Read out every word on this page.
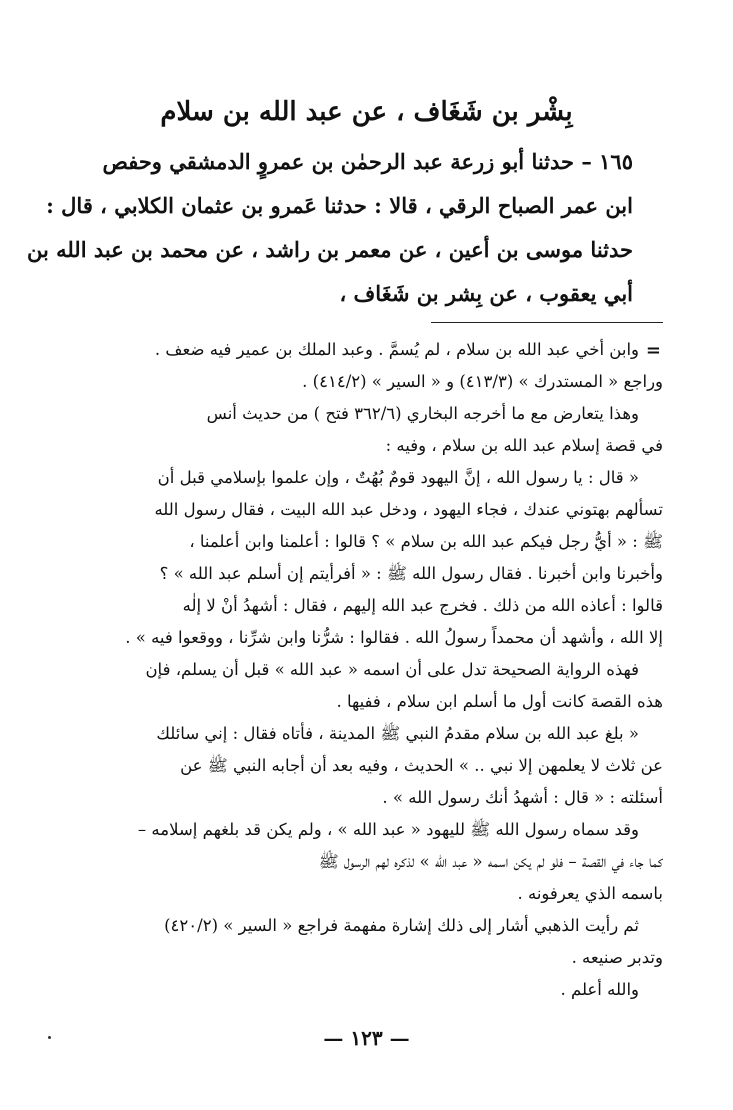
بِشْر بن شَغَاف ، عن عبد الله بن سلام
١٦٥ – حدثنا أبو زرعة عبد الرحمٰن بن عمروٍ الدمشقي وحفص
ابن عمر الصباح الرقي ، قالا : حدثنا عَمرو بن عثمان الكلابي ، قال :
حدثنا موسى بن أعين ، عن معمر بن راشد ، عن محمد بن عبد الله بن
أبي يعقوب ، عن بِشر بن شَغَاف ،
=
وابن أخي عبد الله بن سلام ، لم يُسمَّ . وعبد الملك بن عمير فيه ضعف .
وراجع « المستدرك » (٤١٣/٣) و « السير » (٤١٤/٢) .
وهذا يتعارض مع ما أخرجه البخاري (٣٦٢/٦ فتح ) من حديث أنس
في قصة إسلام عبد الله بن سلام ، وفيه :
« قال : يا رسول الله ، إنَّ اليهود قومٌ بُهُتٌ ، وإن علموا بإسلامي قبل أن
تسألهم بهتوني عندك ، فجاء اليهود ، ودخل عبد الله البيت ، فقال رسول الله
ﷺ : « أيُّ رجل فيكم عبد الله بن سلام » ؟ قالوا : أعلمنا وابن أعلمنا ،
وأخبرنا وابن أخبرنا . فقال رسول الله ﷺ : « أفرأيتم إن أسلم عبد الله » ؟
قالوا : أعاذه الله من ذلك . فخرج عبد الله إليهم ، فقال : أشهدُ أنْ لا إلٰه
إلا الله ، وأشهد أن محمداً رسولُ الله . فقالوا : شرُّنا وابن شرِّنا ، ووقعوا فيه » .
فهذه الرواية الصحيحة تدل على أن اسمه « عبد الله » قبل أن يسلم، فإن
هذه القصة كانت أول ما أسلم ابن سلام ، ففيها .
« بلغ عبد الله بن سلام مقدمُ النبي ﷺ المدينة ، فأتاه فقال : إني سائلك
عن ثلاث لا يعلمهن إلا نبي .. » الحديث ، وفيه بعد أن أجابه النبي ﷺ عن
أسئلته : « قال : أشهدُ أنك رسول الله » .
وقد سماه رسول الله ﷺ لليهود « عبد الله » ، ولم يكن قد بلغهم إسلامه –
كما جاء في القصة – فلو لم يكن اسمه « عبد الله » لذكره لهم الرسول ﷺ
باسمه الذي يعرفونه .
ثم رأيت الذهبي أشار إلى ذلك إشارة مفهمة فراجع « السير » (٤٢٠/٢)
وتدبر صنيعه .
والله أعلم .
— ١٢٣ —
